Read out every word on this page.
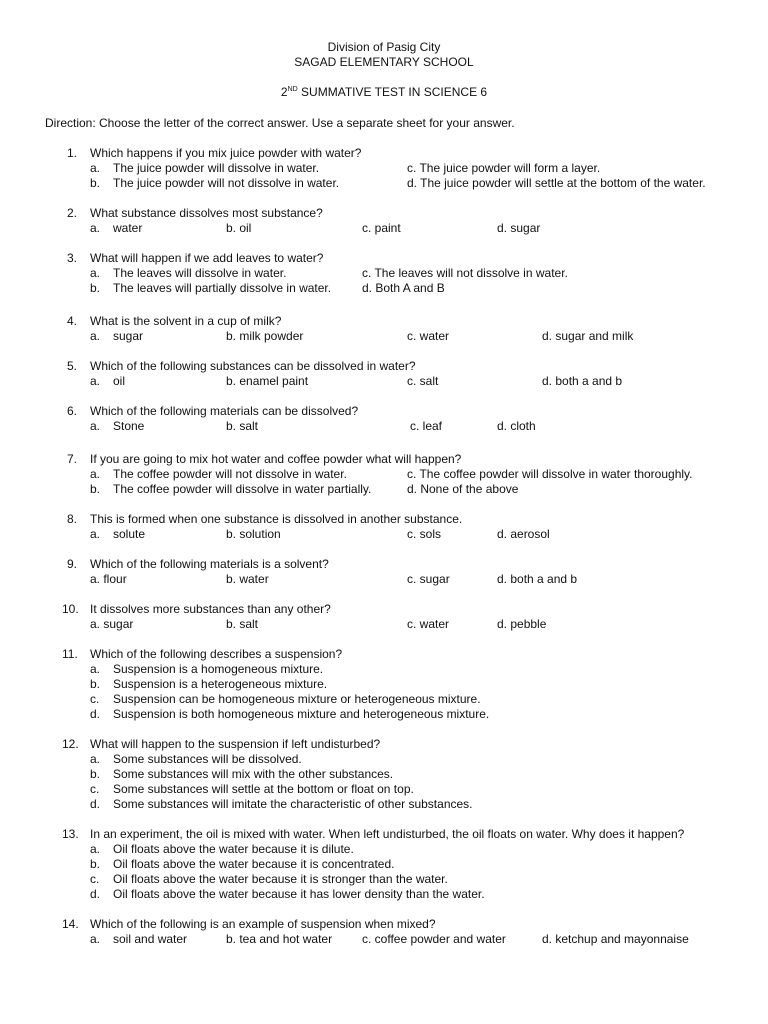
Division of Pasig City
SAGAD ELEMENTARY SCHOOL
2ND SUMMATIVE TEST IN SCIENCE 6
Direction: Choose the letter of the correct answer. Use a separate sheet for your answer.
1. Which happens if you mix juice powder with water?
a. The juice powder will dissolve in water.
b. The juice powder will not dissolve in water.
c. The juice powder will form a layer.
d. The juice powder will settle at the bottom of the water.
2. What substance dissolves most substance?
a. water	b. oil	c. paint	d. sugar
3. What will happen if we add leaves to water?
a. The leaves will dissolve in water.
b. The leaves will partially dissolve in water.
c. The leaves will not dissolve in water.
d. Both A and B
4. What is the solvent in a cup of milk?
a. sugar	b. milk powder	c. water	d. sugar and milk
5. Which of the following substances can be dissolved in water?
a. oil	b. enamel paint	c. salt	d. both a and b
6. Which of the following materials can be dissolved?
a. Stone	b. salt	c. leaf	d. cloth
7. If you are going to mix hot water and coffee powder what will happen?
a. The coffee powder will not dissolve in water.
b. The coffee powder will dissolve in water partially.
c. The coffee powder will dissolve in water thoroughly.
d. None of the above
8. This is formed when one substance is dissolved in another substance.
a. solute	b. solution	c. sols	d. aerosol
9. Which of the following materials is a solvent?
a. flour	b. water	c. sugar	d. both a and b
10. It dissolves more substances than any other?
a. sugar	b. salt	c. water	d. pebble
11. Which of the following describes a suspension?
a. Suspension is a homogeneous mixture.
b. Suspension is a heterogeneous mixture.
c. Suspension can be homogeneous mixture or heterogeneous mixture.
d. Suspension is both homogeneous mixture and heterogeneous mixture.
12. What will happen to the suspension if left undisturbed?
a. Some substances will be dissolved.
b. Some substances will mix with the other substances.
c. Some substances will settle at the bottom or float on top.
d. Some substances will imitate the characteristic of other substances.
13. In an experiment, the oil is mixed with water. When left undisturbed, the oil floats on water. Why does it happen?
a. Oil floats above the water because it is dilute.
b. Oil floats above the water because it is concentrated.
c. Oil floats above the water because it is stronger than the water.
d. Oil floats above the water because it has lower density than the water.
14. Which of the following is an example of suspension when mixed?
a. soil and water	b. tea and hot water c. coffee powder and water	d. ketchup and mayonnaise
